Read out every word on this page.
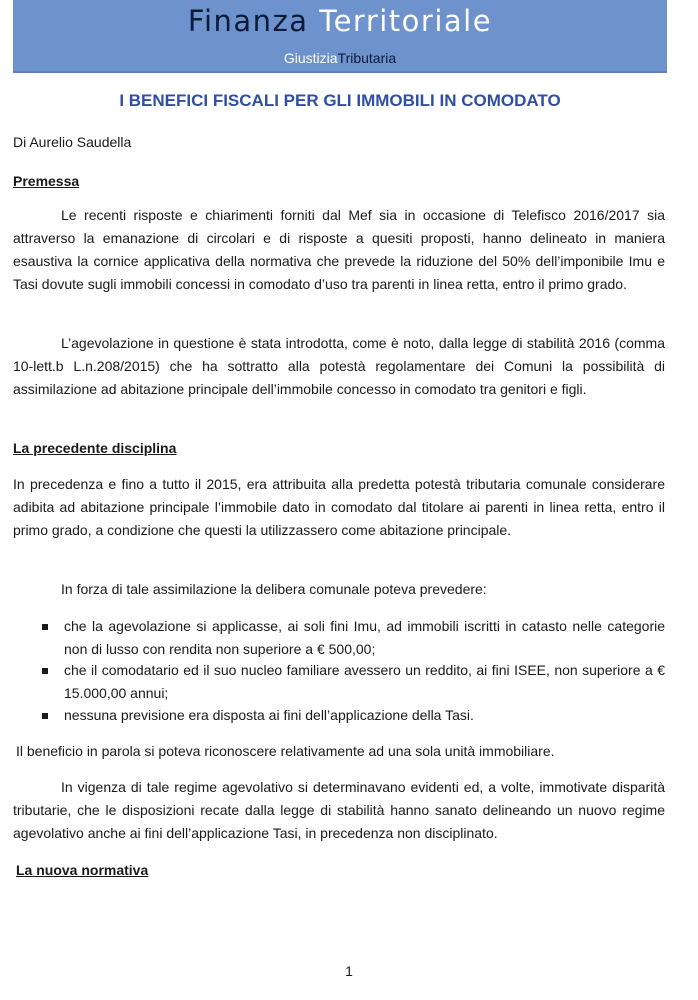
Finanza Territoriale
GiustiziaTributaria
I BENEFICI FISCALI PER GLI IMMOBILI IN COMODATO

Di Aurelio Saudella

Premessa

Le recenti risposte e chiarimenti forniti dal Mef sia in occasione di Telefisco 2016/2017 sia attraverso la emanazione di circolari e di risposte a quesiti proposti, hanno delineato in maniera esaustiva la cornice applicativa della normativa che prevede la riduzione del 50% dell’imponibile Imu e Tasi dovute sugli immobili concessi in comodato d’uso tra parenti in linea retta, entro il primo grado.

L’agevolazione in questione è stata introdotta, come è noto, dalla legge di stabilità 2016 (comma 10-lett.b L.n.208/2015) che ha sottratto alla potestà regolamentare dei Comuni la possibilità di assimilazione ad abitazione principale dell’immobile concesso in comodato tra genitori e figli.

La precedente disciplina

In precedenza e fino a tutto il 2015, era attribuita alla predetta potestà tributaria comunale considerare adibita ad abitazione principale l’immobile dato in comodato dal titolare ai parenti in linea retta, entro il primo grado, a condizione che questi la utilizzassero come abitazione principale.

In forza di tale assimilazione la delibera comunale poteva prevedere:

che la agevolazione si applicasse, ai soli fini Imu, ad immobili iscritti in catasto nelle categorie non di lusso con rendita non superiore a € 500,00;

che il comodatario ed il suo nucleo familiare avessero un reddito, ai fini ISEE, non superiore a € 15.000,00 annui;

nessuna previsione era disposta ai fini dell’applicazione della Tasi.

Il beneficio in parola si poteva riconoscere relativamente ad una sola unità immobiliare.

In vigenza di tale regime agevolativo si determinavano evidenti ed, a volte, immotivate disparità tributarie, che le disposizioni recate dalla legge di stabilità hanno sanato delineando un nuovo regime agevolativo anche ai fini dell’applicazione Tasi, in precedenza non disciplinato.

La nuova normativa

1
